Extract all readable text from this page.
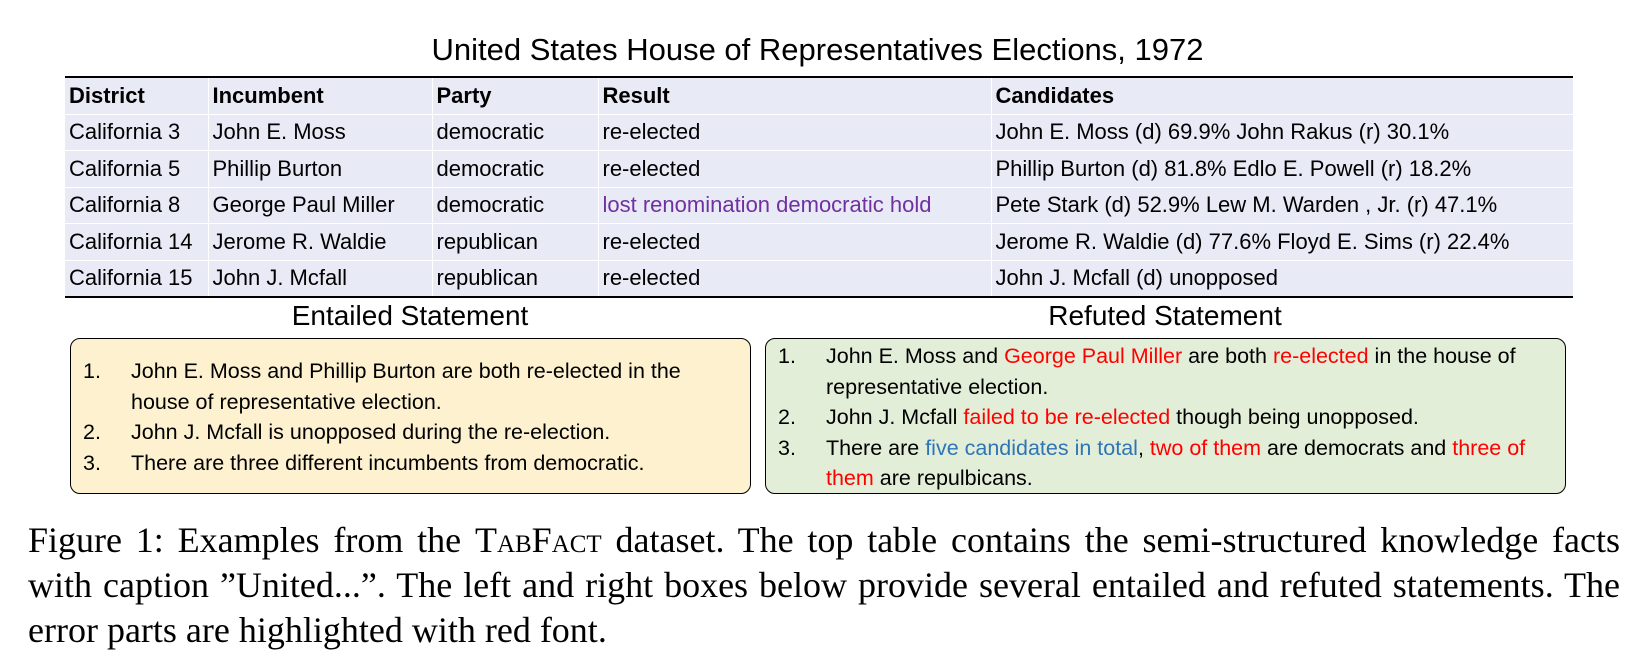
United States House of Representatives Elections, 1972
District	Incumbent	Party	Result	Candidates
California 3	John E. Moss	democratic	re-elected	John E. Moss (d) 69.9% John Rakus (r) 30.1%
California 5	Phillip Burton	democratic	re-elected	Phillip Burton (d) 81.8% Edlo E. Powell (r) 18.2%
California 8	George Paul Miller	democratic	lost renomination democratic hold	Pete Stark (d) 52.9% Lew M. Warden , Jr. (r) 47.1%
California 14	Jerome R. Waldie	republican	re-elected	Jerome R. Waldie (d) 77.6% Floyd E. Sims (r) 22.4%
California 15	John J. Mcfall	republican	re-elected	John J. Mcfall (d) unopposed
Entailed Statement	Refuted Statement
1.	John E. Moss and Phillip Burton are both re-elected in the house of representative election.
2.	John J. Mcfall is unopposed during the re-election.
3.	There are three different incumbents from democratic.
1.	John E. Moss and George Paul Miller are both re-elected in the house of representative election.
2.	John J. Mcfall failed to be re-elected though being unopposed.
3.	There are five candidates in total, two of them are democrats and three of them are repulbicans.
Figure 1: Examples from the TabFact dataset. The top table contains the semi-structured knowledge facts with caption ”United...”. The left and right boxes below provide several entailed and refuted statements. The error parts are highlighted with red font.
